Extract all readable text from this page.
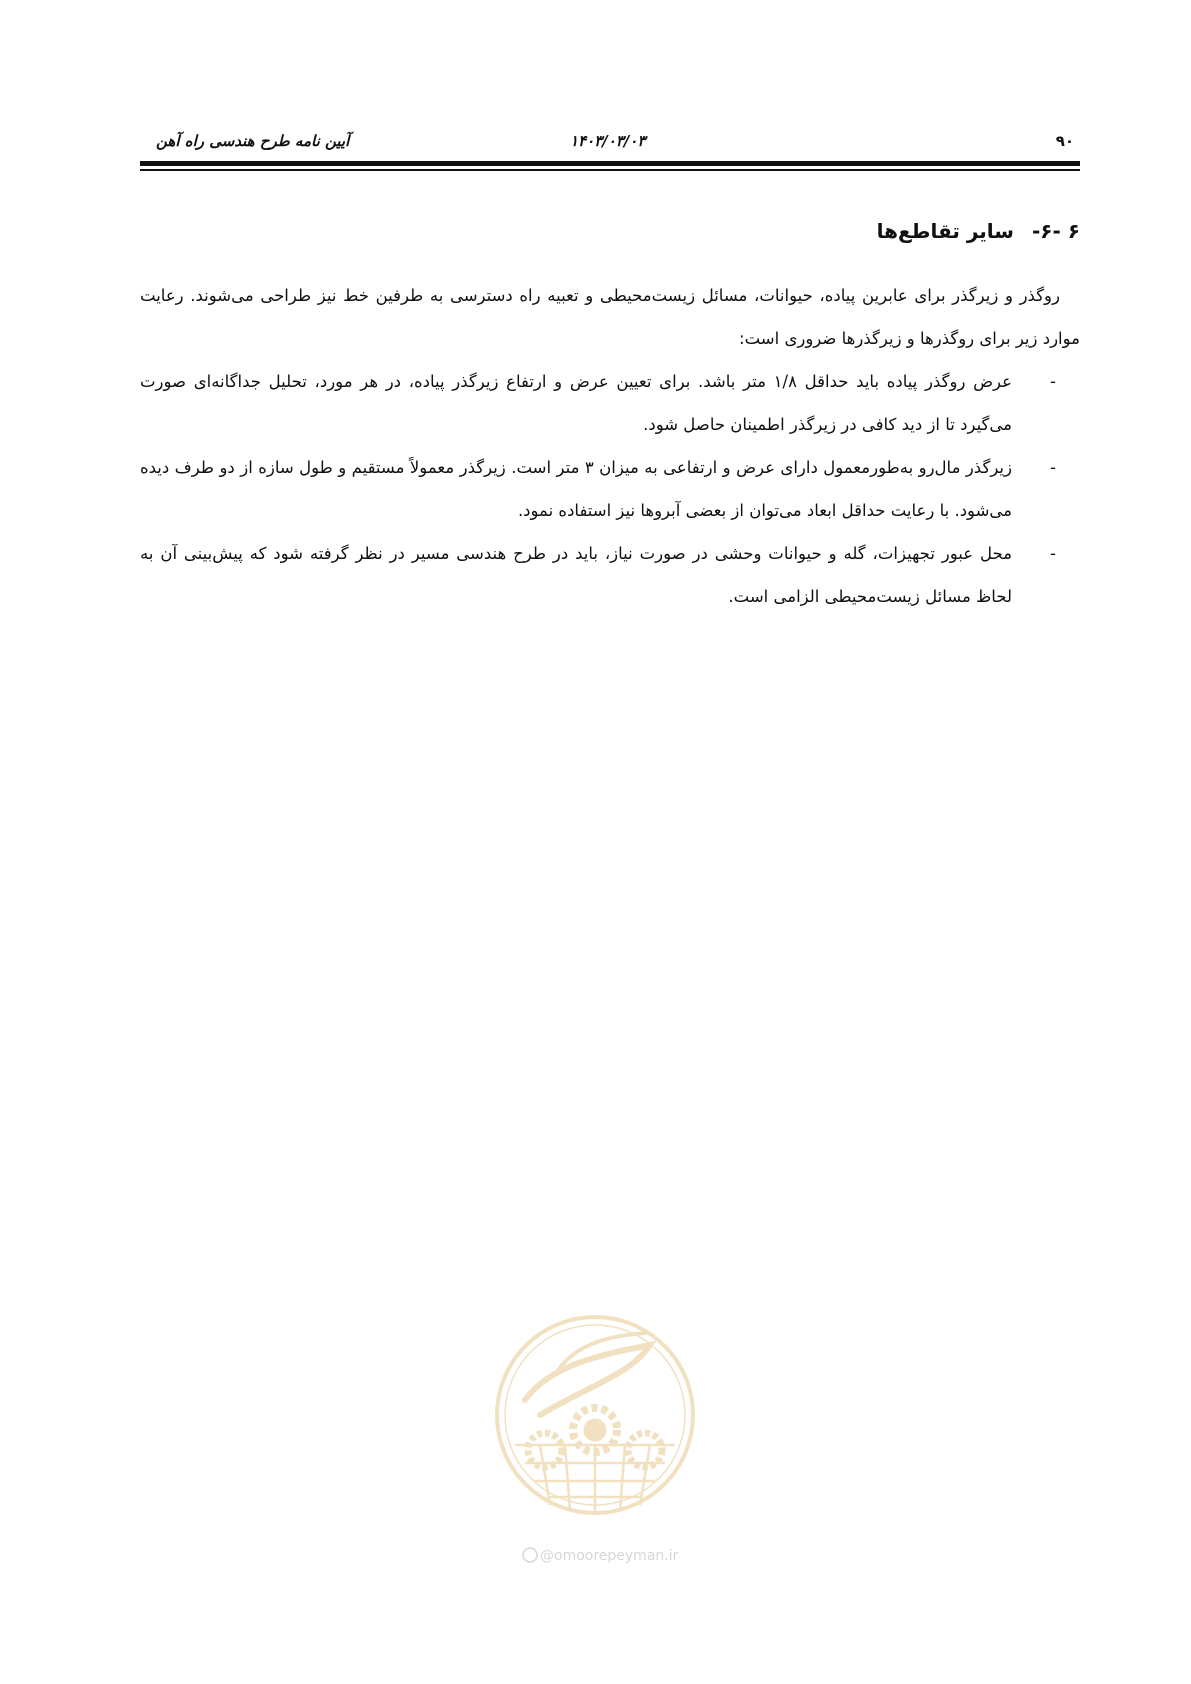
آیین نامه طرح هندسی راه آهن	۱۴۰۳/۰۳/۰۳	۹۰
۶ -۶-
سایر تقاطع‌ها

روگذر و زیرگذر برای عابرین پیاده، حیوانات، مسائل زیست‌محیطی و تعبیه راه دسترسی به طرفین خط نیز طراحی می‌شوند. رعایت موارد زیر برای روگذرها و زیرگذرها ضروری است:

-
عرض روگذر پیاده باید حداقل ۱/۸ متر باشد. برای تعیین عرض و ارتفاع زیرگذر پیاده، در هر مورد، تحلیل جداگانه‌ای صورت می‌گیرد تا از دید کافی در زیرگذر اطمینان حاصل شود.
-
زیرگذر مال‌رو به‌طورمعمول دارای عرض و ارتفاعی به میزان ۳ متر است. زیرگذر معمولاً مستقیم و طول سازه از دو طرف دیده می‌شود. با رعایت حداقل ابعاد می‌توان از بعضی آبروها نیز استفاده نمود.
-
محل عبور تجهیزات، گله و حیوانات وحشی در صورت نیاز، باید در طرح هندسی مسیر در نظر گرفته شود که پیش‌بینی آن به لحاظ مسائل زیست‌محیطی الزامی است.
@omoorepeyman.ir
